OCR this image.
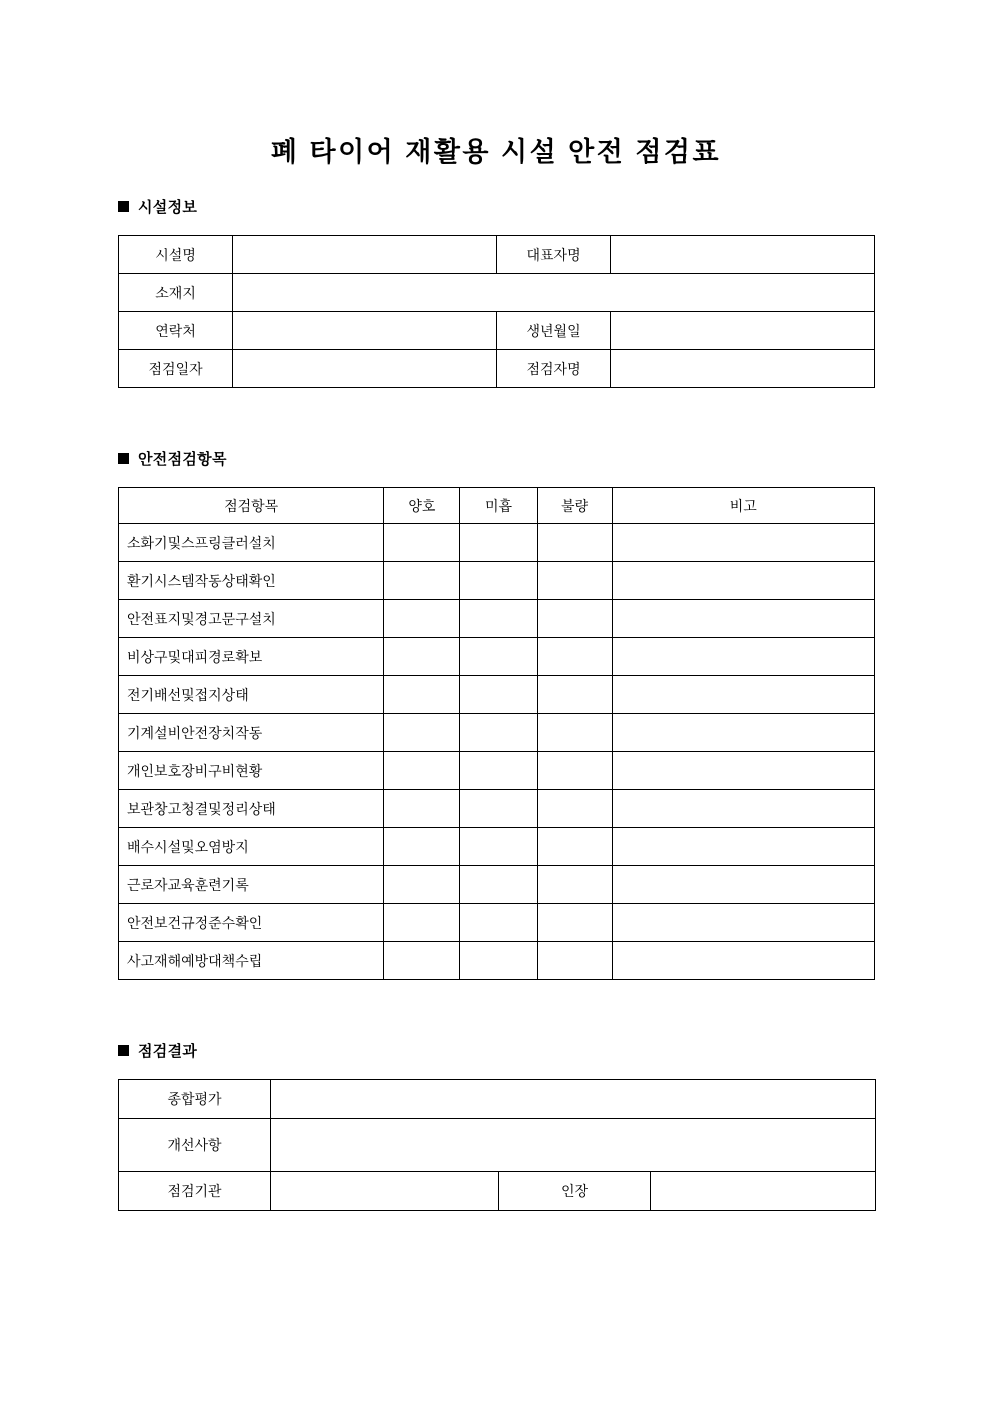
폐 타이어 재활용 시설 안전 점검표
시설정보
시설명		대표자명	
소재지			
연락처		생년월일	
점검일자		점검자명	
안전점검항목
점검항목	양호	미흡	불량	비고
소화기및스프링클러설치				
환기시스템작동상태확인				
안전표지및경고문구설치				
비상구및대피경로확보				
전기배선및접지상태				
기계설비안전장치작동				
개인보호장비구비현황				
보관창고청결및정리상태				
배수시설및오염방지				
근로자교육훈련기록				
안전보건규정준수확인				
사고재해예방대책수립				
점검결과
종합평가			
개선사항			
점검기관		인장	
